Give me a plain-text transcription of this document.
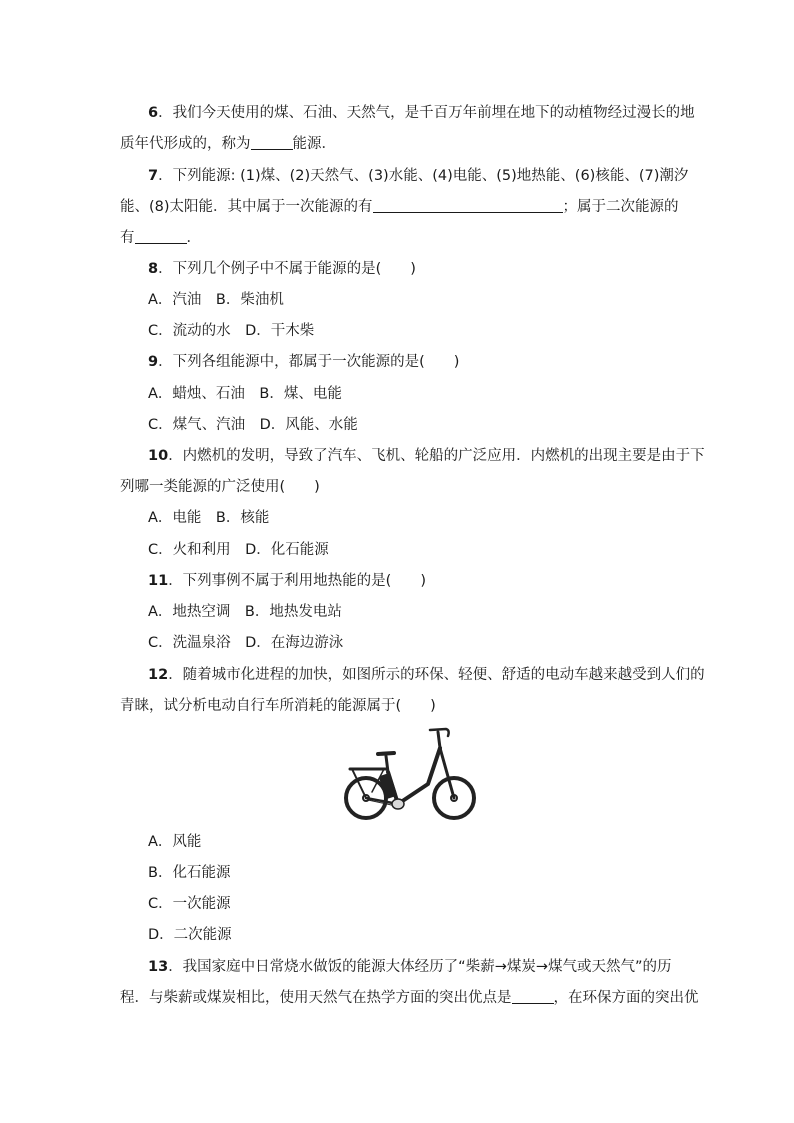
6．我们今天使用的煤、石油、天然气，是千百万年前埋在地下的动植物经过漫长的地
质年代形成的，称为	能源．
7．下列能源: (1)煤、(2)天然气、(3)水能、(4)电能、(5)地热能、(6)核能、(7)潮汐
能、(8)太阳能．其中属于一次能源的有	；属于二次能源的
有	．
8．下列几个例子中不属于能源的是(　　)
A．汽油　B．柴油机
C．流动的水　D．干木柴
9．下列各组能源中，都属于一次能源的是(　　)
A．蜡烛、石油　B．煤、电能
C．煤气、汽油　D．风能、水能
10．内燃机的发明，导致了汽车、飞机、轮船的广泛应用．内燃机的出现主要是由于下
列哪一类能源的广泛使用(　　)
A．电能　B．核能
C．火和利用　D．化石能源
11．下列事例不属于利用地热能的是(　　)
A．地热空调　B．地热发电站
C．洗温泉浴　D．在海边游泳
12．随着城市化进程的加快，如图所示的环保、轻便、舒适的电动车越来越受到人们的
青睐，试分析电动自行车所消耗的能源属于(　　)
A．风能
B．化石能源
C．一次能源
D．二次能源
13．我国家庭中日常烧水做饭的能源大体经历了“柴薪→煤炭→煤气或天然气”的历
程．与柴薪或煤炭相比，使用天然气在热学方面的突出优点是	，在环保方面的突出优
